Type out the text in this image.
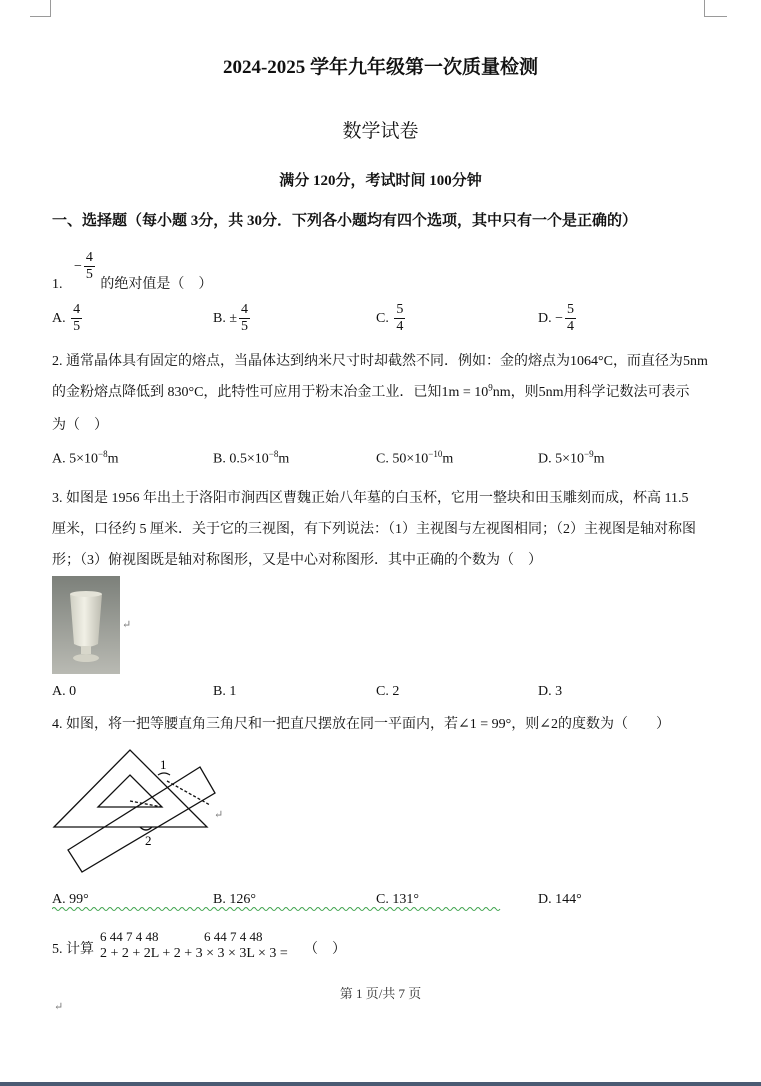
2024-2025 学年九年级第一次质量检测
数学试卷
满分 120分，考试时间 100分钟
一、选择题（每小题 3分，共 30分．下列各小题均有四个选项，其中只有一个是正确的）
1. − $\frac{4}{5}$
的绝对值是（　）
A. $\frac{4}{5}$	B. ± $\frac{4}{5}$	C. $\frac{5}{4}$	D. − $\frac{5}{4}$
2. 通常晶体具有固定的熔点，当晶体达到纳米尺寸时却截然不同．例如：金的熔点为1064°C，而直径为5nm
的金粉熔点降低到 830°C，此特性可应用于粉末冶金工业．已知$1m = 10^9nm$，则5nm用科学记数法可表示
为（　）
A. $5\times 10^{-8}m$	B. $0.5\times 10^{-8}m$	C. $50\times 10^{-10}m$	D. $5\times 10^{-9}m$
3. 如图是 1956 年出土于洛阳市涧西区曹魏正始八年墓的白玉杯，它用一整块和田玉雕刻而成，杯高 11.5
厘米，口径约 5 厘米．关于它的三视图，有下列说法：（1）主视图与左视图相同；（2）主视图是轴对称图
形；（3）俯视图既是轴对称图形，又是中心对称图形．其中正确的个数为（　）
↵
A. 0	B. 1	C. 2	D. 3
4. 如图，将一把等腰直角三角尺和一把直尺摆放在同一平面内，若∠1 = 99°，则∠2的度数为（　　）
1
2
↵
A. 99°	B. 126°	C. 131°	D. 144°
5. 计算
6 44 7 4 48	6 44 7 4 48
2 + 2 + 2L + 2 + 3 × 3 × 3L × 3 = （　）
第 1 页/共 7 页
↵
